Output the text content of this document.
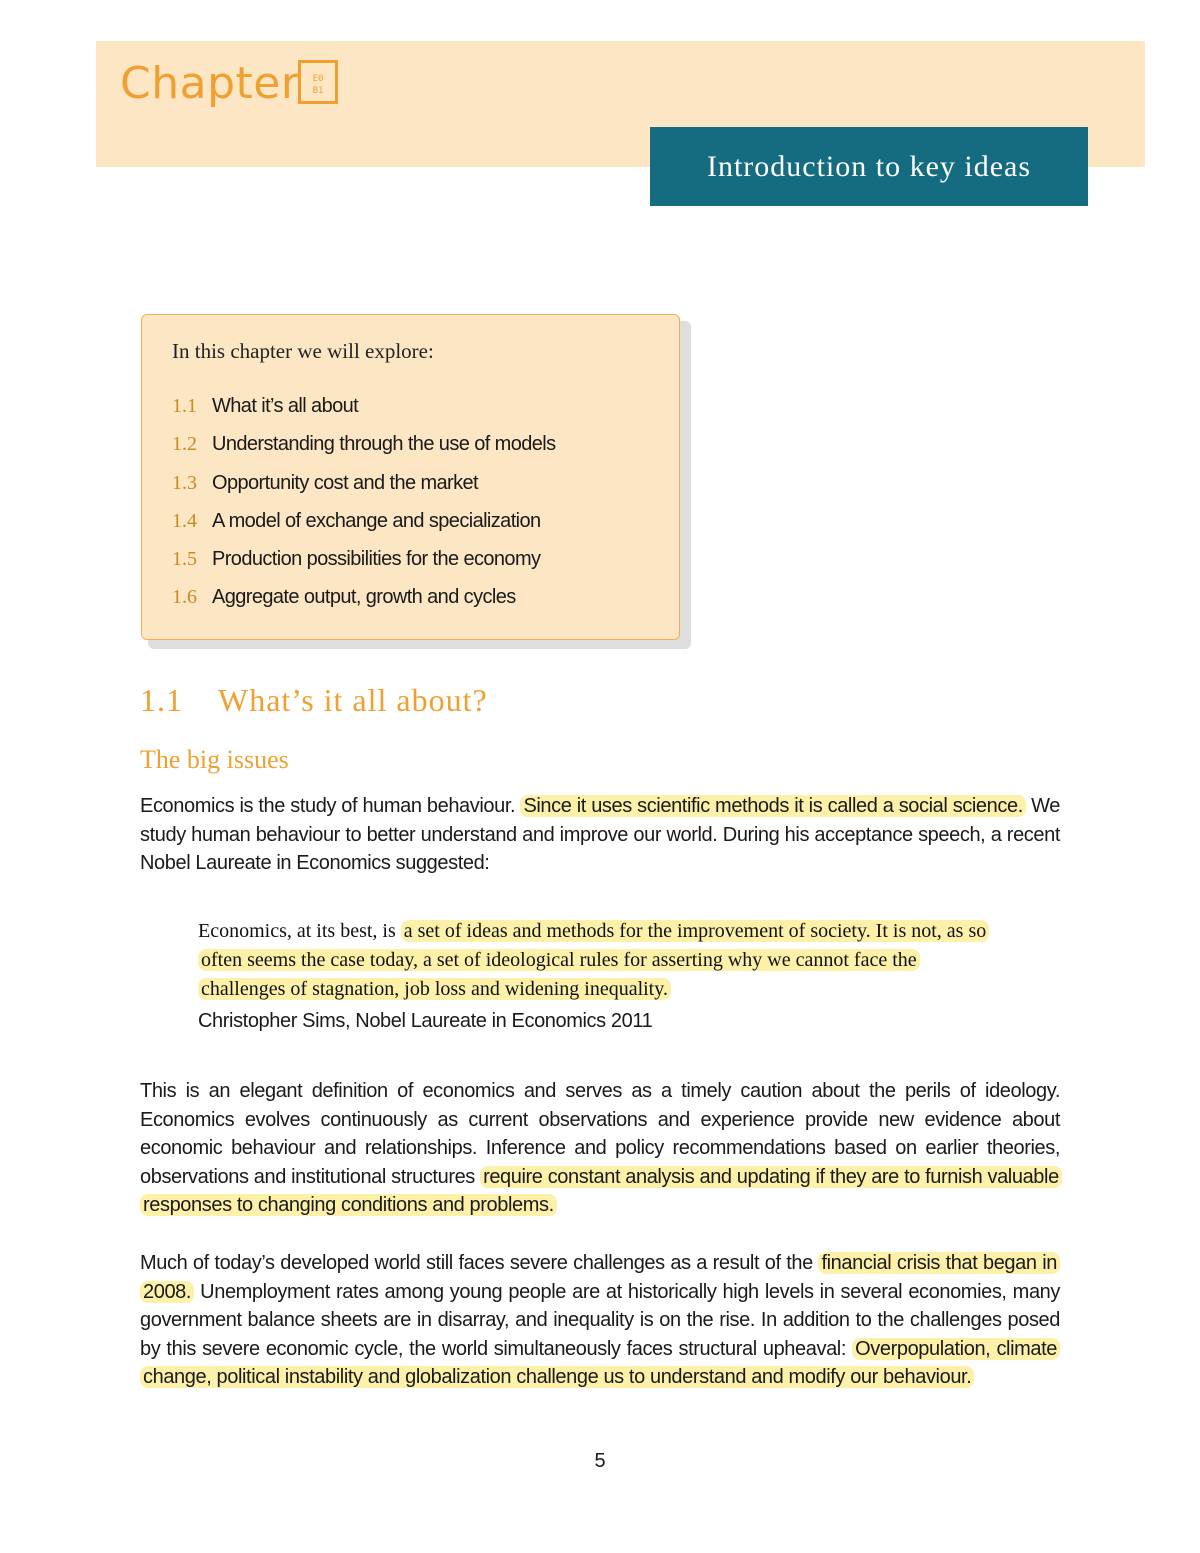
Chapter	E0
B1
Introduction to key ideas
In this chapter we will explore:
1.1 What it’s all about
1.2 Understanding through the use of models
1.3 Opportunity cost and the market
1.4 A model of exchange and specialization
1.5 Production possibilities for the economy
1.6 Aggregate output, growth and cycles
1.1 What’s it all about?
The big issues

Economics is the study of human behaviour. Since it uses scientific methods it is called a social science. We study human behaviour to better understand and improve our world. During his acceptance speech, a recent Nobel Laureate in Economics suggested:

Economics, at its best, is a set of ideas and methods for the improvement of society. It is not, as so often seems the case today, a set of ideological rules for asserting why we cannot face the challenges of stagnation, job loss and widening inequality.

Christopher Sims, Nobel Laureate in Economics 2011

This is an elegant definition of economics and serves as a timely caution about the perils of ideology. Economics evolves continuously as current observations and experience provide new evidence about economic behaviour and relationships. Inference and policy recommendations based on earlier theories, observations and institutional structures require constant analysis and updating if they are to furnish valuable responses to changing conditions and problems.

Much of today’s developed world still faces severe challenges as a result of the financial crisis that began in 2008. Unemployment rates among young people are at historically high levels in several economies, many government balance sheets are in disarray, and inequality is on the rise. In addition to the challenges posed by this severe economic cycle, the world simultaneously faces structural upheaval: Overpopulation, climate change, political instability and globalization challenge us to understand and modify our behaviour.

5
